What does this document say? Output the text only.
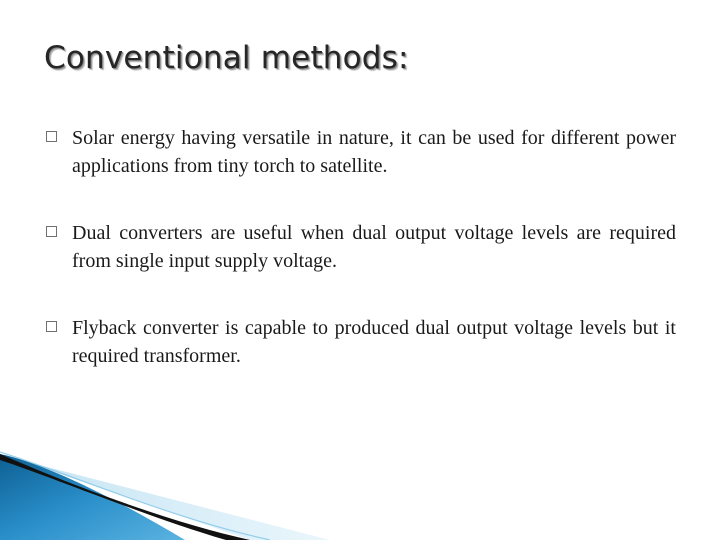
Conventional methods:
Solar energy having versatile in nature, it can be used for different power applications from tiny torch to satellite.
Dual converters are useful when dual output voltage levels are required from single input supply voltage.
Flyback converter is capable to produced dual output voltage levels but it required transformer.
